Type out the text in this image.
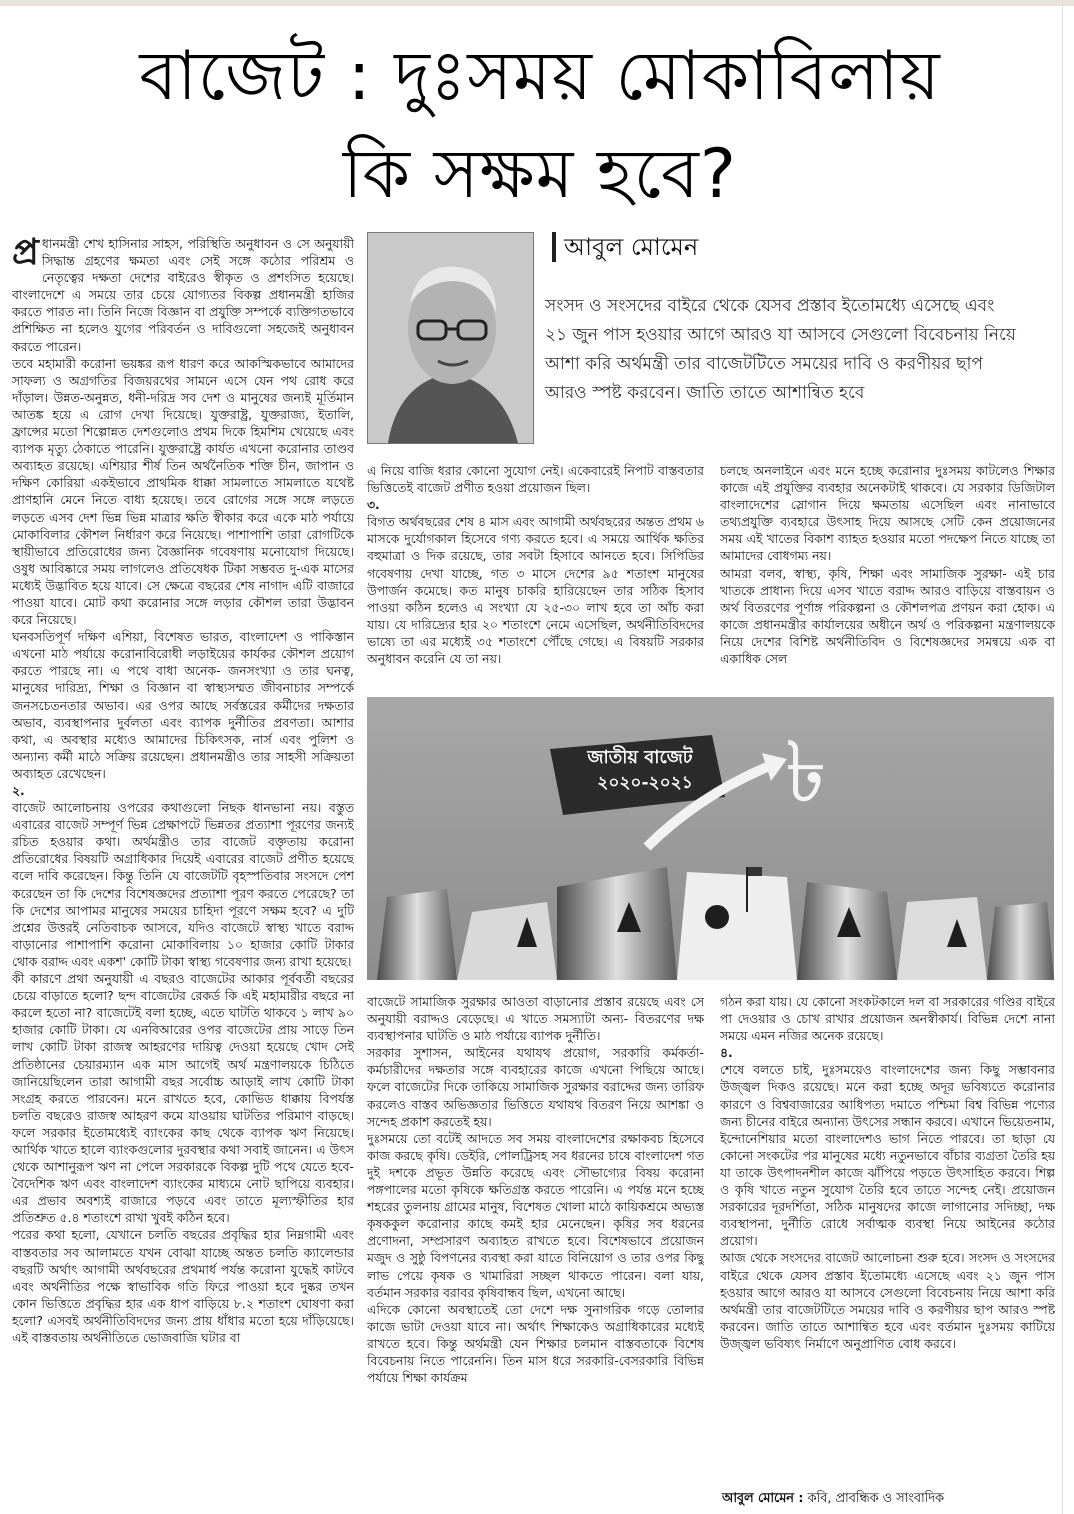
বাজেট : দুঃসময় মোকাবিলায়
কি সক্ষম হবে?

প্র ধানমন্ত্রী শেখ হাসিনার সাহস, পরিস্থিতি অনুধাবন ও সে অনুযায়ী সিদ্ধান্ত গ্রহণের ক্ষমতা এবং সেই সঙ্গে কঠোর পরিশ্রম ও নেতৃত্বের দক্ষতা দেশের বাইরেও স্বীকৃত ও প্রশংসিত হয়েছে। বাংলাদেশে এ সময়ে তার চেয়ে যোগ্যতর বিকল্প প্রধানমন্ত্রী হাজির করতে পারত না। তিনি নিজে বিজ্ঞান বা প্রযুক্তি সম্পর্কে ব্যক্তিগতভাবে প্রশিক্ষিত না হলেও যুগের পরিবর্তন ও দাবিগুলো সহজেই অনুধাবন করতে পারেন।

তবে মহামারী করোনা ভয়ঙ্কর রূপ ধারণ করে আকস্মিকভাবে আমাদের সাফল্য ও অগ্রগতির বিজয়রথের সামনে এসে যেন পথ রোধ করে দাঁড়াল। উন্নত-অনুন্নত, ধনী-দরিদ্র সব দেশ ও মানুষের জন্যই মূর্তিমান আতঙ্ক হয়ে এ রোগ দেখা দিয়েছে। যুক্তরাষ্ট্র, যুক্তরাজ্য, ইতালি, ফ্রান্সের মতো শিল্পোন্নত দেশগুলোও প্রথম দিকে হিমশিম খেয়েছে এবং ব্যাপক মৃত্যু ঠেকাতে পারেনি। যুক্তরাষ্ট্রে কার্যত এখনো করোনার তাণ্ডব অব্যাহত রয়েছে। এশিয়ার শীর্ষ তিন অর্থনৈতিক শক্তি চীন, জাপান ও দক্ষিণ কোরিয়া একইভাবে প্রাথমিক ধাক্কা সামলাতে সামলাতে যথেষ্ট প্রাণহানি মেনে নিতে বাধ্য হয়েছে। তবে রোগের সঙ্গে সঙ্গে লড়তে লড়তে এসব দেশ ভিন্ন ভিন্ন মাত্রার ক্ষতি স্বীকার করে একে মাঠ পর্যায়ে মোকাবিলার কৌশল নির্ধারণ করে নিয়েছে। পাশাপাশি তারা রোগটিকে স্থায়ীভাবে প্রতিরোধের জন্য বৈজ্ঞানিক গবেষণায় মনোযোগ দিয়েছে। ওষুধ আবিষ্কারে সময় লাগলেও প্রতিষেধক টিকা সম্ভবত দু-এক মাসের মধ্যেই উদ্ভাবিত হয়ে যাবে। সে ক্ষেত্রে বছরের শেষ নাগাদ এটি বাজারে পাওয়া যাবে। মোট কথা করোনার সঙ্গে লড়ার কৌশল তারা উদ্ভাবন করে নিয়েছে।

ঘনবসতিপূর্ণ দক্ষিণ এশিয়া, বিশেষত ভারত, বাংলাদেশ ও পাকিস্তান এখনো মাঠ পর্যায়ে করোনাবিরোধী লড়াইয়ের কার্যকর কৌশল প্রয়োগ করতে পারছে না। এ পথে বাধা অনেক- জনসংখ্যা ও তার ঘনত্ব, মানুষের দারিদ্র্য, শিক্ষা ও বিজ্ঞান বা স্বাস্থ্যসম্মত জীবনাচার সম্পর্কে জনসচেতনতার অভাব। এর ওপর আছে সর্বস্তরের কর্মীদের দক্ষতার অভাব, ব্যবস্থাপনার দুর্বলতা এবং ব্যাপক দুর্নীতির প্রবণতা। আশার কথা, এ অবস্থার মধ্যেও আমাদের চিকিৎসক, নার্স এবং পুলিশ ও অন্যান্য কর্মী মাঠে সক্রিয় রয়েছেন। প্রধানমন্ত্রীও তার সাহসী সক্রিয়তা অব্যাহত রেখেছেন।

২.

বাজেট আলোচনায় ওপরের কথাগুলো নিছক ধানভানা নয়। বস্তুত এবারের বাজেট সম্পূর্ণ ভিন্ন প্রেক্ষাপটে ভিন্নতর প্রত্যাশা পূরণের জন্যই রচিত হওয়ার কথা। অর্থমন্ত্রীও তার বাজেট বক্তৃতায় করোনা প্রতিরোধের বিষয়টি অগ্রাধিকার দিয়েই এবারের বাজেট প্রণীত হয়েছে বলে দাবি করেছেন। কিন্তু তিনি যে বাজেটটি বৃহস্পতিবার সংসদে পেশ করেছেন তা কি দেশের বিশেষজ্ঞদের প্রত্যাশা পূরণ করতে পেরেছে? তা কি দেশের আপামর মানুষের সময়ের চাহিদা পূরণে সক্ষম হবে? এ দুটি প্রশ্নের উত্তরই নেতিবাচক আসবে, যদিও বাজেটে স্বাস্থ্য খাতে বরাদ্দ বাড়ানোর পাশাপাশি করোনা মোকাবিলায় ১০ হাজার কোটি টাকার থোক বরাদ্দ এবং একশ' কোটি টাকা স্বাস্থ্য গবেষণার জন্য রাখা হয়েছে।

কী কারণে প্রথা অনুযায়ী এ বছরও বাজেটের আকার পূর্ববর্তী বছরের চেয়ে বাড়াতে হলো? ছন্দ বাজেটের রেকর্ড কি এই মহামারীর বছরে না করলে হতো না? বাজেটেই বলা হচ্ছে, এতে ঘাটতি থাকবে ১ লাখ ৯০ হাজার কোটি টাকা। যে এনবিআরের ওপর বাজেটের প্রায় সাড়ে তিন লাখ কোটি টাকা রাজস্ব আহরণের দায়িত্ব দেওয়া হয়েছে খোদ সেই প্রতিষ্ঠানের চেয়ারম্যান এক মাস আগেই অর্থ মন্ত্রণালয়কে চিঠিতে জানিয়েছিলেন তারা আগামী বছর সর্বোচ্চ আড়াই লাখ কোটি টাকা সংগ্রহ করতে পারবেন। মনে রাখতে হবে, কোভিড ধাক্কায় বিপর্যস্ত চলতি বছরেও রাজস্ব আহরণ কমে যাওয়ায় ঘাটতির পরিমাণ বাড়ছে। ফলে সরকার ইতোমধ্যেই ব্যাংকের কাছ থেকে ব্যাপক ঋণ নিয়েছে। আর্থিক খাতে হালে ব্যাংকগুলোর দুরবস্থার কথা সবাই জানেন। এ উৎস থেকে আশানুরূপ ঋণ না পেলে সরকারকে বিকল্প দুটি পথে যেতে হবে- বৈদেশিক ঋণ এবং বাংলাদেশ ব্যাংকের মাধ্যমে নোট ছাপিয়ে ব্যবহার। এর প্রভাব অবশ্যই বাজারে পড়বে এবং তাতে মূল্যস্ফীতির হার প্রতিশ্রুত ৫.৪ শতাংশে রাখা খুবই কঠিন হবে।

পরের কথা হলো, যেখানে চলতি বছরের প্রবৃদ্ধির হার নিম্নগামী এবং বাস্তবতার সব আলামতে যখন বোঝা যাচ্ছে অন্তত চলতি ক্যালেন্ডার বছরটি অর্থাৎ আগামী অর্থবছরের প্রথমার্ধ পর্যন্ত করোনা যুদ্ধেই কাটবে এবং অর্থনীতির পক্ষে স্বাভাবিক গতি ফিরে পাওয়া হবে দুষ্কর তখন কোন ভিত্তিতে প্রবৃদ্ধির হার এক ধাপ বাড়িয়ে ৮.২ শতাংশ ঘোষণা করা হলো? এসবই অর্থনীতিবিদদের জন্য প্রায় ধাঁধার মতো হয়ে দাঁড়িয়েছে। এই বাস্তবতায় অর্থনীতিতে ভোজবাজি ঘটার বা

আবুল মোমেন
সংসদ ও সংসদের বাইরে থেকে যেসব প্রস্তাব ইতোমধ্যে এসেছে এবং ২১ জুন পাস হওয়ার আগে আরও যা আসবে সেগুলো বিবেচনায় নিয়ে আশা করি অর্থমন্ত্রী তার বাজেটটিতে সময়ের দাবি ও করণীয়র ছাপ আরও স্পষ্ট করবেন। জাতি তাতে আশান্বিত হবে

এ নিয়ে বাজি ধরার কোনো সুযোগ নেই। একেবারেই নিপাট বাস্তবতার ভিত্তিতেই বাজেট প্রণীত হওয়া প্রয়োজন ছিল।

৩.

বিগত অর্থবছরের শেষ ৪ মাস এবং আগামী অর্থবছরের অন্তত প্রথম ৬ মাসকে দুর্যোগকাল হিসেবে গণ্য করতে হবে। এ সময়ে আর্থিক ক্ষতির বহুমাত্রা ও দিক রয়েছে, তার সবটা হিসাবে আনতে হবে। সিপিডির গবেষণায় দেখা যাচ্ছে, গত ৩ মাসে দেশের ৯৫ শতাংশ মানুষের উপার্জন কমেছে। কত মানুষ চাকরি হারিয়েছেন তার সঠিক হিসাব পাওয়া কঠিন হলেও এ সংখ্যা যে ২৫-৩০ লাখ হবে তা আঁচ করা যায়। যে দারিদ্র্যের হার ২০ শতাংশে নেমে এসেছিল, অর্থনীতিবিদদের ভাষ্যে তা এর মধ্যেই ৩৫ শতাংশে পৌঁছে গেছে। এ বিষয়টি সরকার অনুধাবন করেনি যে তা নয়।

চলছে অনলাইনে এবং মনে হচ্ছে করোনার দুঃসময় কাটলেও শিক্ষার কাজে এই প্রযুক্তির ব্যবহার অনেকটাই থাকবে। যে সরকার ডিজিটাল বাংলাদেশের স্লোগান দিয়ে ক্ষমতায় এসেছিল এবং নানাভাবে তথ্যপ্রযুক্তি ব্যবহারে উৎসাহ দিয়ে আসছে সেটি কেন প্রয়োজনের সময় এই খাতের বিকাশ ব্যাহত হওয়ার মতো পদক্ষেপ নিতে যাচ্ছে তা আমাদের বোধগম্য নয়।

আমরা বলব, স্বাস্থ্য, কৃষি, শিক্ষা এবং সামাজিক সুরক্ষা- এই চার খাতকে প্রাধান্য দিয়ে এসব খাতে বরাদ্দ আরও বাড়িয়ে বাস্তবায়ন ও অর্থ বিতরণের পূর্ণাঙ্গ পরিকল্পনা ও কৌশলপত্র প্রণয়ন করা হোক। এ কাজে প্রধানমন্ত্রীর কার্যালয়ের অধীনে অর্থ ও পরিকল্পনা মন্ত্রণালয়কে নিয়ে দেশের বিশিষ্ট অর্থনীতিবিদ ও বিশেষজ্ঞদের সমন্বয়ে এক বা একাধিক সেল

৳
জাতীয় বাজেট
২০২০-২০২১

বাজেটে সামাজিক সুরক্ষার আওতা বাড়ানোর প্রস্তাব রয়েছে এবং সে অনুযায়ী বরাদ্দও বেড়েছে। এ খাতে সমস্যাটা অন্য- বিতরণের দক্ষ ব্যবস্থাপনার ঘাটতি ও মাঠ পর্যায়ে ব্যাপক দুর্নীতি।

সরকার সুশাসন, আইনের যথাযথ প্রয়োগ, সরকারি কর্মকর্তা-কর্মচারীদের দক্ষতার সঙ্গে ব্যবহারের কাজে এখনো পিছিয়ে আছে। ফলে বাজেটের দিকে তাকিয়ে সামাজিক সুরক্ষার বরাদ্দের জন্য তারিফ করলেও বাস্তব অভিজ্ঞতার ভিত্তিতে যথাযথ বিতরণ নিয়ে আশঙ্কা ও সন্দেহ প্রকাশ করতেই হয়।

দুঃসময়ে তো বটেই আদতে সব সময় বাংলাদেশের রক্ষাকবচ হিসেবে কাজ করছে কৃষি। ডেইরি, পোলট্রিসহ সব ধরনের চাষে বাংলাদেশ গত দুই দশকে প্রভূত উন্নতি করেছে এবং সৌভাগ্যের বিষয় করোনা পঙ্গপালের মতো কৃষিকে ক্ষতিগ্রস্ত করতে পারেনি। এ পর্যন্ত মনে হচ্ছে শহরের তুলনায় গ্রামের মানুষ, বিশেষত খোলা মাঠে কায়িকশ্রমে অভ্যস্ত কৃষককুল করোনার কাছে কমই হার মেনেছেন। কৃষির সব ধরনের প্রণোদনা, সম্প্রসারণ অব্যাহত রাখতে হবে। বিশেষভাবে প্রয়োজন মজুদ ও সুষ্ঠু বিপণনের ব্যবস্থা করা যাতে বিনিয়োগ ও তার ওপর কিছু লাভ পেয়ে কৃষক ও খামারিরা সচ্ছল থাকতে পারেন। বলা যায়, বর্তমান সরকার বরাবর কৃষিবান্ধব ছিল, এখনো আছে।

এদিকে কোনো অবস্থাতেই তো দেশে দক্ষ সুনাগরিক গড়ে তোলার কাজে ভাটা দেওয়া যাবে না। অর্থাৎ শিক্ষাকেও অগ্রাধিকারের মধ্যেই রাখতে হবে। কিন্তু অর্থমন্ত্রী যেন শিক্ষার চলমান বাস্তবতাকে বিশেষ বিবেচনায় নিতে পারেননি। তিন মাস ধরে সরকারি-বেসরকারি বিভিন্ন পর্যায়ে শিক্ষা কার্যক্রম

গঠন করা যায়। যে কোনো সংকটকালে দল বা সরকারের গণ্ডির বাইরে পা দেওয়ার ও চোখ রাখার প্রয়োজন অনস্বীকার্য। বিভিন্ন দেশে নানা সময়ে এমন নজির অনেক রয়েছে।

৪.

শেষে বলতে চাই, দুঃসময়েও বাংলাদেশের জন্য কিছু সম্ভাবনার উজ্জ্বল দিকও রয়েছে। মনে করা হচ্ছে অদূর ভবিষ্যতে করোনার কারণে ও বিশ্ববাজারের আধিপত্য দমাতে পশ্চিমা বিশ্ব বিভিন্ন পণ্যের জন্য চীনের বাইরে অন্যান্য উৎসের সন্ধান করবে। এখানে ভিয়েতনাম, ইন্দোনেশিয়ার মতো বাংলাদেশও ভাগ নিতে পারবে। তা ছাড়া যে কোনো সংকটের পর মানুষের মধ্যে নতুনভাবে বাঁচার ব্যগ্রতা তৈরি হয় যা তাকে উৎপাদনশীল কাজে ঝাঁপিয়ে পড়তে উৎসাহিত করবে। শিল্প ও কৃষি খাতে নতুন সুযোগ তৈরি হবে তাতে সন্দেহ নেই। প্রয়োজন সরকারের দূরদর্শিতা, সঠিক মানুষদের কাজে লাগানোর সদিচ্ছা, দক্ষ ব্যবস্থাপনা, দুর্নীতি রোধে সর্বাত্মক ব্যবস্থা নিয়ে আইনের কঠোর প্রয়োগ।

আজ থেকে সংসদের বাজেট আলোচনা শুরু হবে। সংসদ ও সংসদের বাইরে থেকে যেসব প্রস্তাব ইতোমধ্যে এসেছে এবং ২১ জুন পাস হওয়ার আগে আরও যা আসবে সেগুলো বিবেচনায় নিয়ে আশা করি অর্থমন্ত্রী তার বাজেটটিতে সময়ের দাবি ও করণীয়র ছাপ আরও স্পষ্ট করবেন। জাতি তাতে আশান্বিত হবে এবং বর্তমান দুঃসময় কাটিয়ে উজ্জ্বল ভবিষ্যৎ নির্মাণে অনুপ্রাণিত বোধ করবে।

আবুল মোমেন : কবি, প্রাবন্ধিক ও সাংবাদিক
